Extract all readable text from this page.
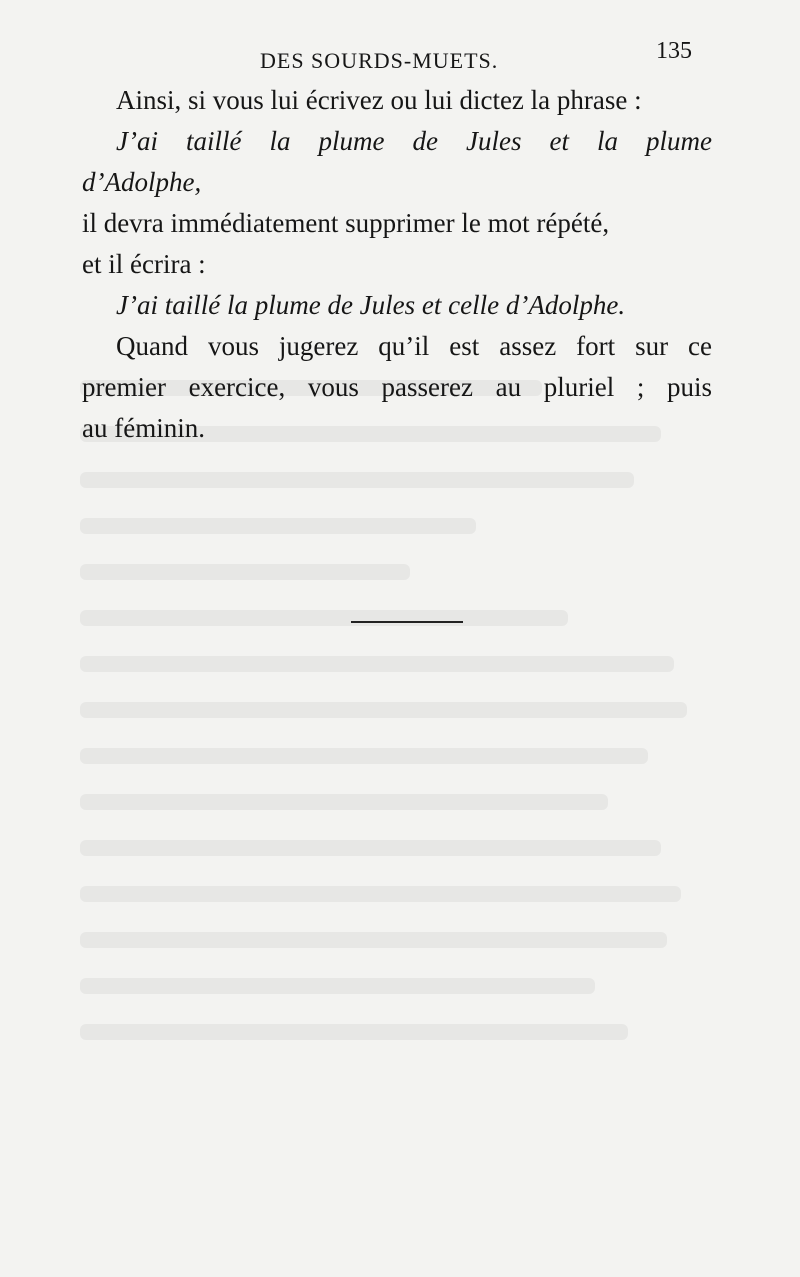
DES SOURDS-MUETS.	135
Ainsi, si vous lui écrivez ou lui dictez la phrase :
J’ai taillé la plume de Jules et la plume
d’Adolphe,
il devra immédiatement supprimer le mot répété,
et il écrira :
J’ai taillé la plume de Jules et celle d’Adolphe.
Quand vous jugerez qu’il est assez fort sur ce
premier exercice, vous passerez au pluriel ; puis
au féminin.
